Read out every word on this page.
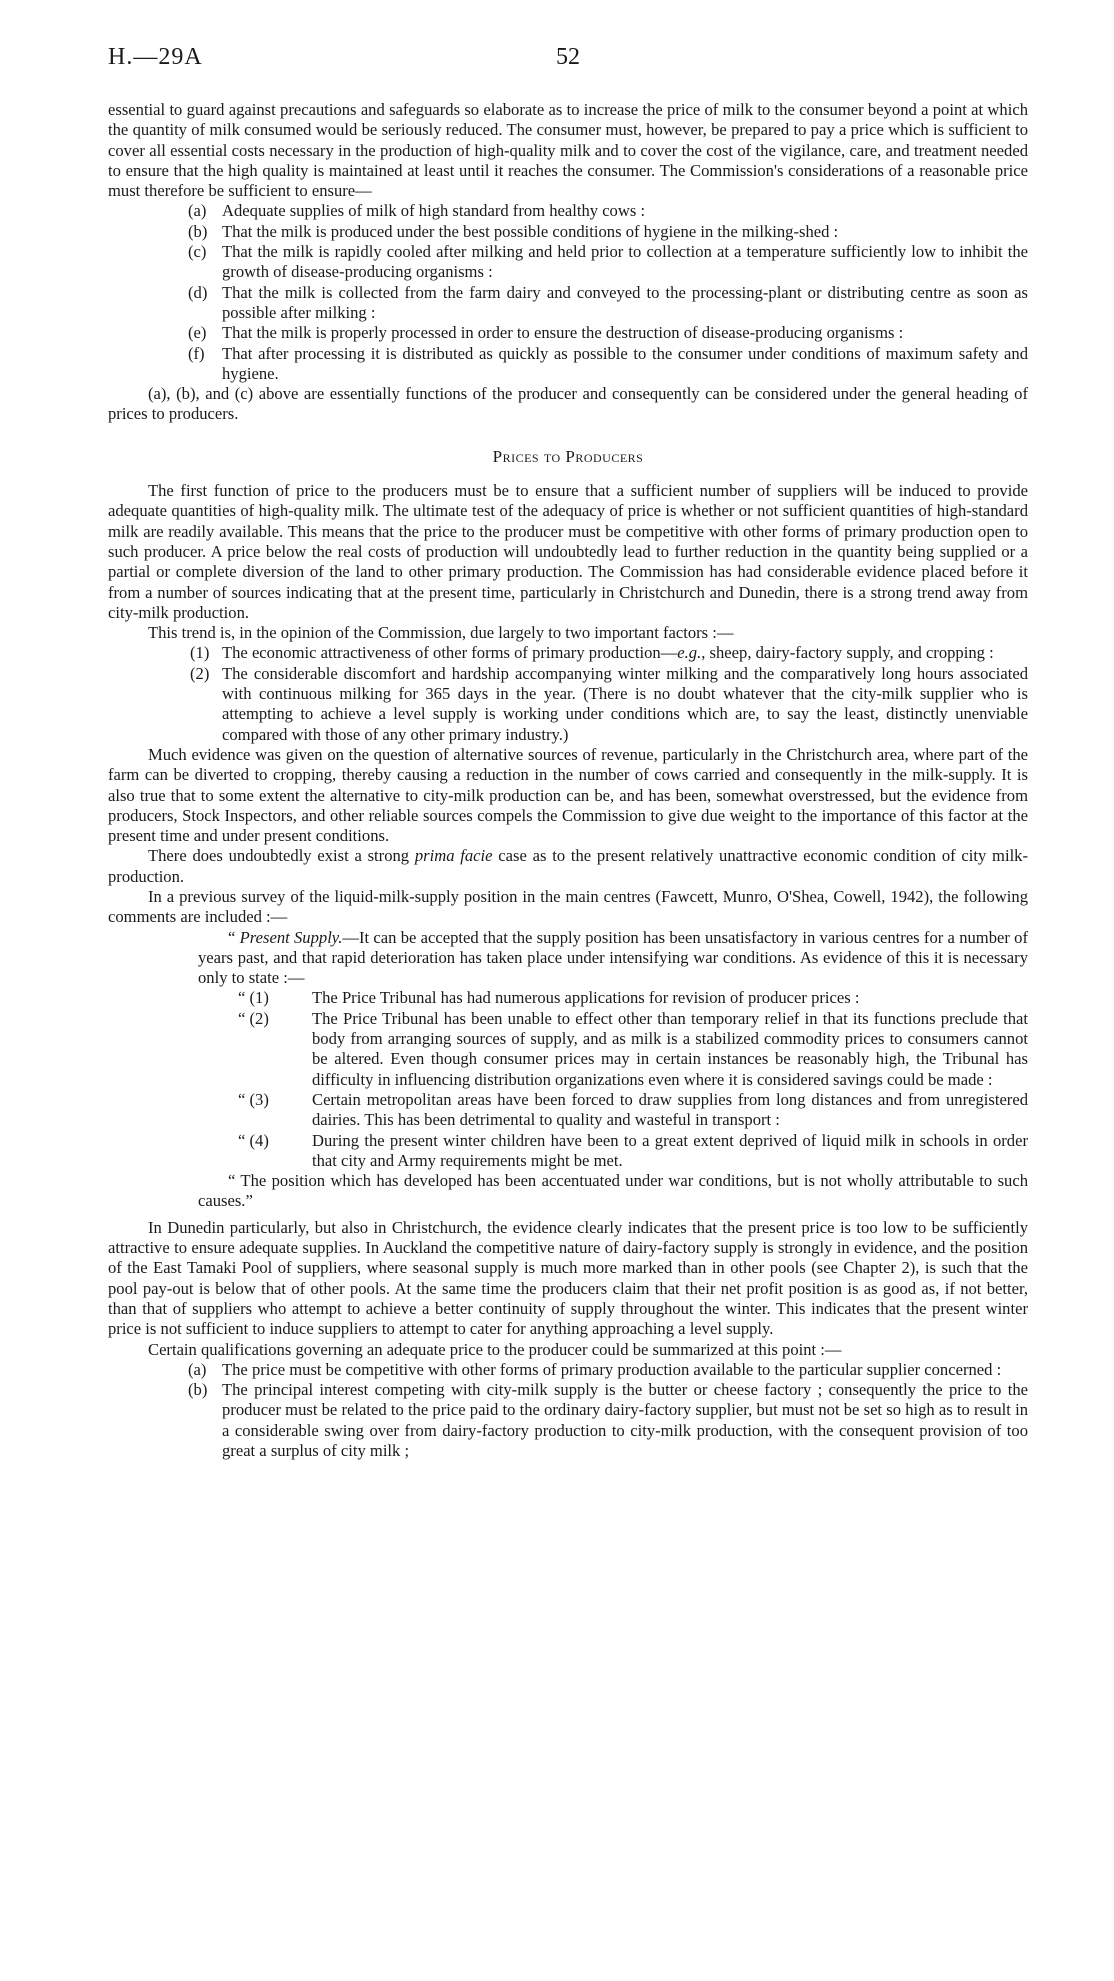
H.—29A	52

essential to guard against precautions and safeguards so elaborate as to increase the price of milk to the consumer beyond a point at which the quantity of milk consumed would be seriously reduced. The consumer must, however, be prepared to pay a price which is sufficient to cover all essential costs necessary in the production of high-quality milk and to cover the cost of the vigilance, care, and treatment needed to ensure that the high quality is maintained at least until it reaches the consumer. The Commission's considerations of a reasonable price must therefore be sufficient to ensure—

(a) Adequate supplies of milk of high standard from healthy cows :
(b) That the milk is produced under the best possible conditions of hygiene in the milking-shed :
(c) That the milk is rapidly cooled after milking and held prior to collection at a temperature sufficiently low to inhibit the growth of disease-producing organisms :
(d) That the milk is collected from the farm dairy and conveyed to the processing-plant or distributing centre as soon as possible after milking :
(e) That the milk is properly processed in order to ensure the destruction of disease-producing organisms :
(f)	That after processing it is distributed as quickly as possible to the consumer under conditions of maximum safety and hygiene.

(a), (b), and (c) above are essentially functions of the producer and consequently can be considered under the general heading of prices to producers.

Prices to Producers

The first function of price to the producers must be to ensure that a sufficient number of suppliers will be induced to provide adequate quantities of high-quality milk. The ultimate test of the adequacy of price is whether or not sufficient quantities of high-standard milk are readily available. This means that the price to the producer must be competitive with other forms of primary production open to such producer. A price below the real costs of production will undoubtedly lead to further reduction in the quantity being supplied or a partial or complete diversion of the land to other primary production. The Commission has had considerable evidence placed before it from a number of sources indicating that at the present time, particularly in Christchurch and Dunedin, there is a strong trend away from city-milk production.

This trend is, in the opinion of the Commission, due largely to two important factors :—

(1) The economic attractiveness of other forms of primary production—e.g., sheep, dairy-factory supply, and cropping :
(2) The considerable discomfort and hardship accompanying winter milking and the comparatively long hours associated with continuous milking for 365 days in the year. (There is no doubt whatever that the city-milk supplier who is attempting to achieve a level supply is working under conditions which are, to say the least, distinctly unenviable compared with those of any other primary industry.)

Much evidence was given on the question of alternative sources of revenue, particularly in the Christchurch area, where part of the farm can be diverted to cropping, thereby causing a reduction in the number of cows carried and consequently in the milk-supply. It is also true that to some extent the alternative to city-milk production can be, and has been, somewhat overstressed, but the evidence from producers, Stock Inspectors, and other reliable sources compels the Commission to give due weight to the importance of this factor at the present time and under present conditions.

There does undoubtedly exist a strong prima facie case as to the present relatively unattractive economic condition of city milk-production.

In a previous survey of the liquid-milk-supply position in the main centres (Fawcett, Munro, O'Shea, Cowell, 1942), the following comments are included :—

“ Present Supply.—It can be accepted that the supply position has been unsatisfactory in various centres for a number of years past, and that rapid deterioration has taken place under intensifying war conditions. As evidence of this it is necessary only to state :—

“ (1)	The Price Tribunal has had numerous applications for revision of producer prices :
“ (2)	The Price Tribunal has been unable to effect other than temporary relief in that its functions preclude that body from arranging sources of supply, and as milk is a stabilized commodity prices to consumers cannot be altered. Even though consumer prices may in certain instances be reasonably high, the Tribunal has difficulty in influencing distribution organizations even where it is considered savings could be made :
“ (3)	Certain metropolitan areas have been forced to draw supplies from long distances and from unregistered dairies. This has been detrimental to quality and wasteful in transport :
“ (4)	During the present winter children have been to a great extent deprived of liquid milk in schools in order that city and Army requirements might be met.

“ The position which has developed has been accentuated under war conditions, but is not wholly attributable to such causes.”

In Dunedin particularly, but also in Christchurch, the evidence clearly indicates that the present price is too low to be sufficiently attractive to ensure adequate supplies. In Auckland the competitive nature of dairy-factory supply is strongly in evidence, and the position of the East Tamaki Pool of suppliers, where seasonal supply is much more marked than in other pools (see Chapter 2), is such that the pool pay-out is below that of other pools. At the same time the producers claim that their net profit position is as good as, if not better, than that of suppliers who attempt to achieve a better continuity of supply throughout the winter. This indicates that the present winter price is not sufficient to induce suppliers to attempt to cater for anything approaching a level supply.

Certain qualifications governing an adequate price to the producer could be summarized at this point :—

(a) The price must be competitive with other forms of primary production available to the particular supplier concerned :
(b) The principal interest competing with city-milk supply is the butter or cheese factory ; consequently the price to the producer must be related to the price paid to the ordinary dairy-factory supplier, but must not be set so high as to result in a considerable swing over from dairy-factory production to city-milk production, with the consequent provision of too great a surplus of city milk ;
